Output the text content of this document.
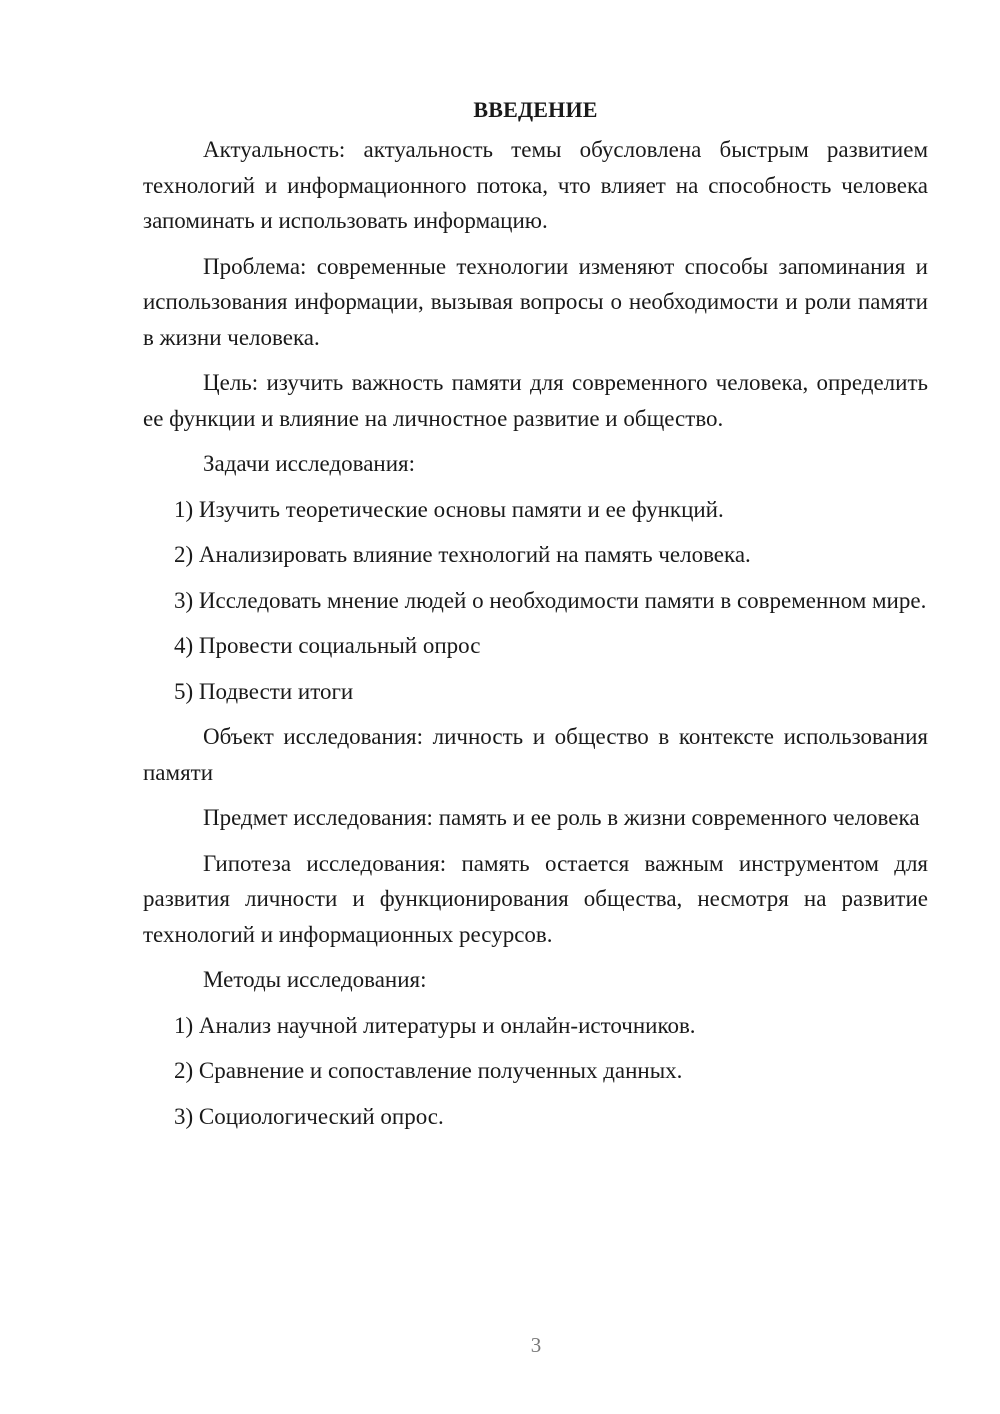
ВВЕДЕНИЕ

Актуальность: актуальность темы обусловлена быстрым развитием технологий и информационного потока, что влияет на способность человека запоминать и использовать информацию.

Проблема: современные технологии изменяют способы запоминания и использования информации, вызывая вопросы о необходимости и роли памяти в жизни человека.

Цель: изучить важность памяти для современного человека, определить ее функции и влияние на личностное развитие и общество.

Задачи исследования:

1) Изучить теоретические основы памяти и ее функций.

2) Анализировать влияние технологий на память человека.

3) Исследовать мнение людей о необходимости памяти в современном мире.

4) Провести социальный опрос

5) Подвести итоги

Объект исследования: личность и общество в контексте использования памяти

Предмет исследования: память и ее роль в жизни современного человека

Гипотеза исследования: память остается важным инструментом для развития личности и функционирования общества, несмотря на развитие технологий и информационных ресурсов.

Методы исследования:

1) Анализ научной литературы и онлайн-источников.

2) Сравнение и сопоставление полученных данных.

3) Социологический опрос.

3
